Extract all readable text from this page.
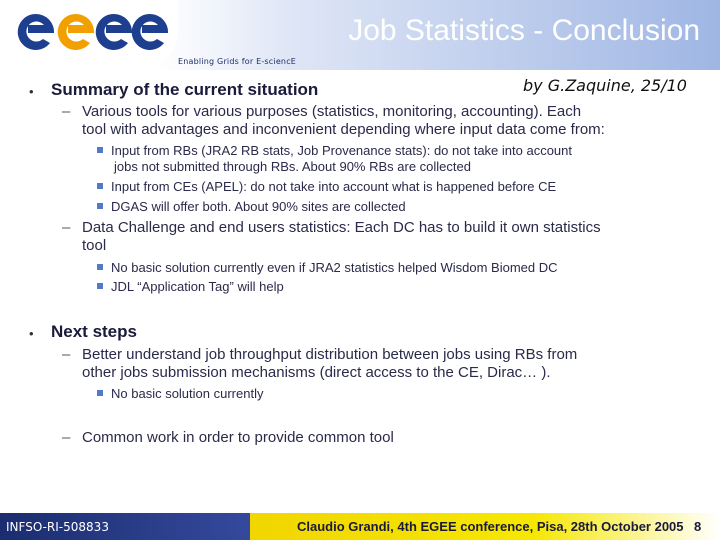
egee
Enabling Grids for E-sciencE
Job Statistics - Conclusion
by G.Zaquine, 25/10
• Summary of the current situation
– Various tools for various purposes (statistics, monitoring, accounting). Each
tool with advantages and inconvenient depending where input data come from:
Input from RBs (JRA2 RB stats, Job Provenance stats): do not take into account
jobs not submitted through RBs. About 90% RBs are collected
Input from CEs (APEL): do not take into account what is happened before CE
DGAS will offer both. About 90% sites are collected
– Data Challenge and end users statistics: Each DC has to build it own statistics
tool
No basic solution currently even if JRA2 statistics helped Wisdom Biomed DC
JDL “Application Tag” will help
• Next steps
– Better understand job throughput distribution between jobs using RBs from
other jobs submission mechanisms (direct access to the CE, Dirac… ).
No basic solution currently
– Common work in order to provide common tool
INFSO-RI-508833	Claudio Grandi, 4th EGEE conference, Pisa, 28th October 2005 8
